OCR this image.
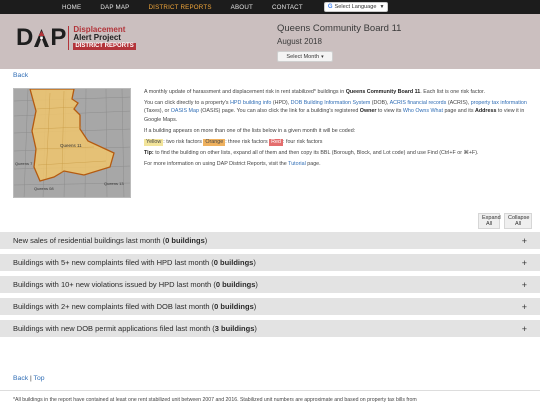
HOME	DAP MAP	DISTRICT REPORTS	ABOUT	CONTACT	G Select Language ▼
D P Displacement
Alert Project
DISTRICT REPORTS
Queens Community Board 11
August 2018
Select Month ▾
Back
Queens 11
Queens 7
Queens 13
Queens 08

A monthly update of harassment and displacement risk in rent stabilized* buildings in Queens Community Board 11. Each list is one risk factor.

You can click directly to a property's HPD building info (HPD), DOB Building Information System (DOB), ACRIS financial records (ACRIS), property tax information (Taxes), or OASIS Map (OASIS) page. You can also click the link for a building's registered Owner to view its Who Owns What page and its Address to view it in Google Maps.

If a building appears on more than one of the lists below in a given month it will be coded:

Yellow : two risk factors Orange : three risk factors Red : four risk factors

Tip: to find the building on other lists, expand all of them and then copy its BBL (Borough, Block, and Lot code) and use Find (Ctrl+F or ⌘+F).

For more information on using DAP District Reports, visit the Tutorial page.

Expand All
Collapse All
New sales of residential buildings last month (0 buildings)	+
Buildings with 5+ new complaints filed with HPD last month (0 buildings)	+
Buildings with 10+ new violations issued by HPD last month (0 buildings)	+
Buildings with 2+ new complaints filed with DOB last month (0 buildings)	+
Buildings with new DOB permit applications filed last month (3 buildings)	+
Back | Top
*All buildings in the report have contained at least one rent stabilized unit between 2007 and 2016. Stabilized unit numbers are approximate and based on property tax bills from
